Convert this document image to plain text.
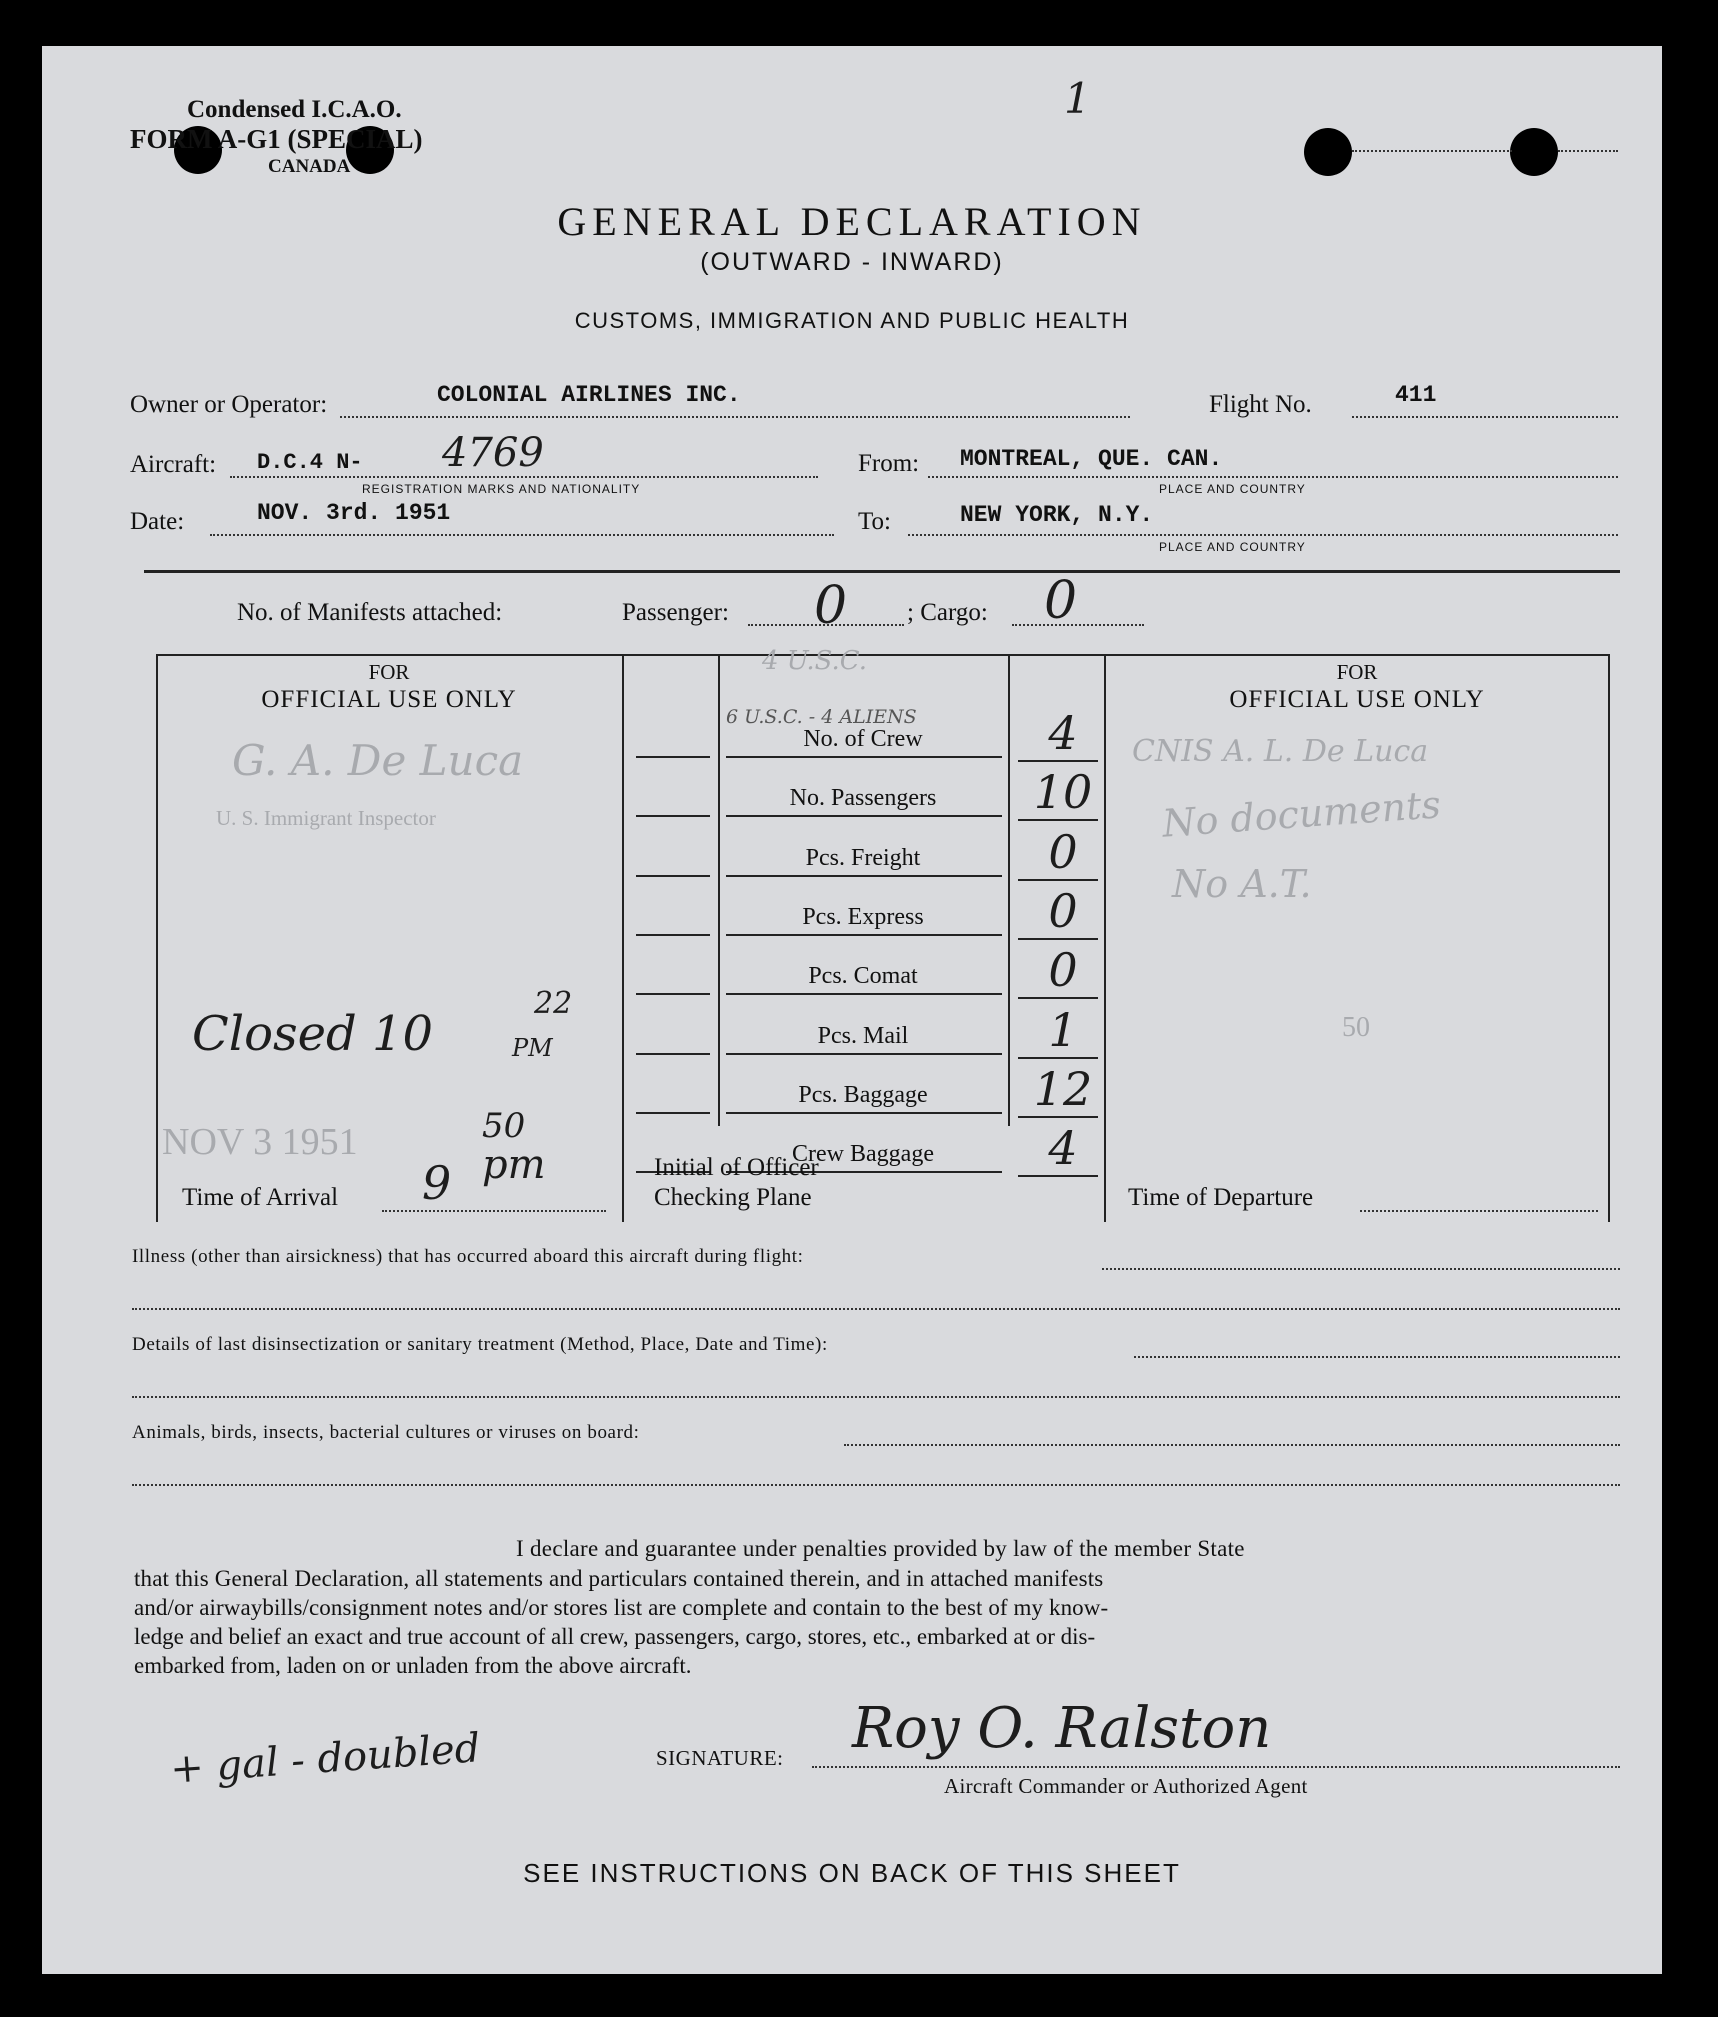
Condensed I.C.A.O.
FORM A-G1 (SPECIAL)
CANADA
1
GENERAL DECLARATION
(OUTWARD - INWARD)
CUSTOMS, IMMIGRATION AND PUBLIC HEALTH
Owner or Operator:	COLONIAL AIRLINES INC.	Flight No.	411
Aircraft: D.C.4 N- 4769
REGISTRATION MARKS AND NATIONALITY
From: MONTREAL, QUE. CAN.
PLACE AND COUNTRY
Date:	NOV. 3rd. 1951	To:	NEW YORK, N.Y.
PLACE AND COUNTRY
No. of Manifests attached:	Passenger: 0 ; Cargo: 0
FOR
OFFICIAL USE ONLY
G. A. De Luca
U. S. Immigrant Inspector
Closed 10
22
PM
NOV 3 1951
Time of Arrival 9
50
pm
4 U.S.C.
6 U.S.C. - 4 ALIENS
No. of Crew	4
No. Passengers	10
Pcs. Freight	0
Pcs. Express	0
Pcs. Comat	0
Pcs. Mail	1
Pcs. Baggage	12
Crew Baggage	4
Initial of Officer
Checking Plane
FOR
OFFICIAL USE ONLY
CNIS A. L. De Luca
No documents
No A.T.
50
Time of Departure
Illness (other than airsickness) that has occurred aboard this aircraft during flight:
Details of last disinsectization or sanitary treatment (Method, Place, Date and Time):
Animals, birds, insects, bacterial cultures or viruses on board:
I declare and guarantee under penalties provided by law of the member State
that this General Declaration, all statements and particulars contained therein, and in attached manifests
and/or airwaybills/consignment notes and/or stores list are complete and contain to the best of my know-
ledge and belief an exact and true account of all crew, passengers, cargo, stores, etc., embarked at or dis-
embarked from, laden on or unladen from the above aircraft.
+ gal - doubled	SIGNATURE: Roy O. Ralston
Aircraft Commander or Authorized Agent
SEE INSTRUCTIONS ON BACK OF THIS SHEET
